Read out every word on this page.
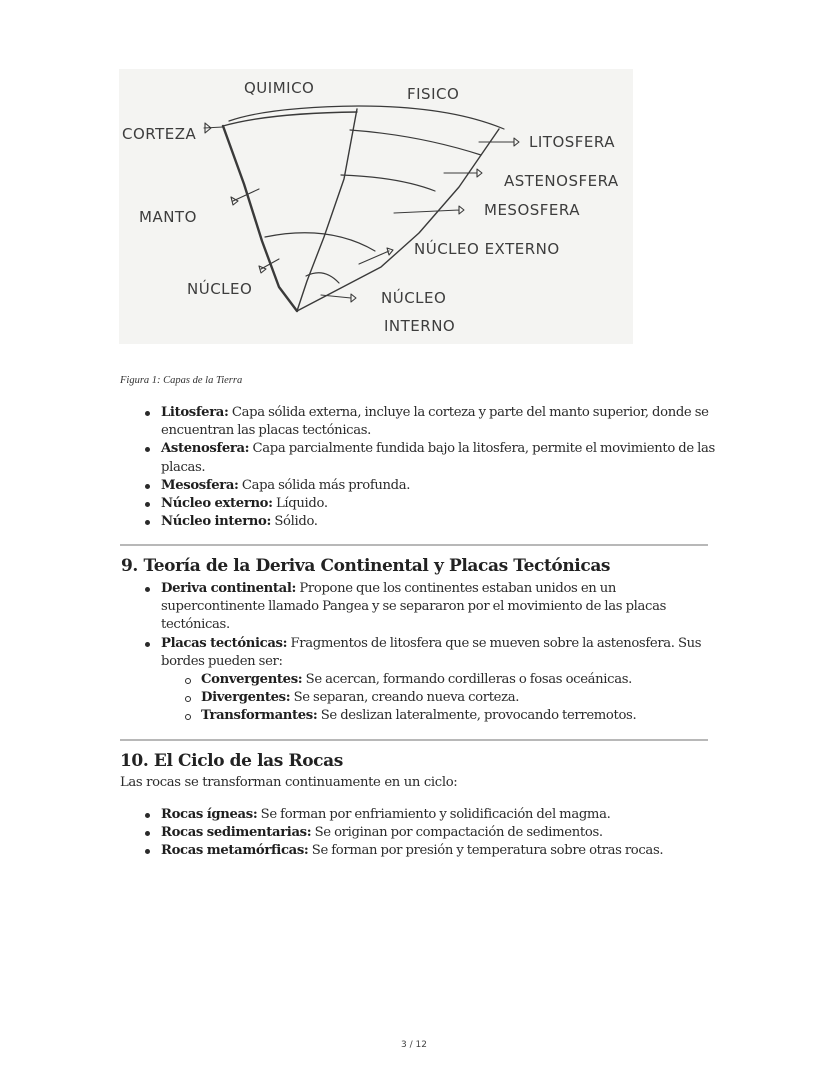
QUIMICO	FISICO
CORTEZA
MANTO
NÚCLEO
LITOSFERA
ASTENOSFERA
MESOSFERA
NÚCLEO EXTERNO
NÚCLEO
INTERNO
Figura 1: Capas de la Tierra
Litosfera: Capa sólida externa, incluye la corteza y parte del manto superior, donde se encuentran las placas tectónicas.
Astenosfera: Capa parcialmente fundida bajo la litosfera, permite el movimiento de las placas.
Mesosfera: Capa sólida más profunda.
Núcleo externo: Líquido.
Núcleo interno: Sólido.
9. Teoría de la Deriva Continental y Placas Tectónicas
Deriva continental: Propone que los continentes estaban unidos en un supercontinente llamado Pangea y se separaron por el movimiento de las placas tectónicas.
Placas tectónicas: Fragmentos de litosfera que se mueven sobre la astenosfera. Sus bordes pueden ser:
Convergentes: Se acercan, formando cordilleras o fosas oceánicas.
Divergentes: Se separan, creando nueva corteza.
Transformantes: Se deslizan lateralmente, provocando terremotos.
10. El Ciclo de las Rocas
Las rocas se transforman continuamente en un ciclo:
Rocas ígneas: Se forman por enfriamiento y solidificación del magma.
Rocas sedimentarias: Se originan por compactación de sedimentos.
Rocas metamórficas: Se forman por presión y temperatura sobre otras rocas.
3 / 12
